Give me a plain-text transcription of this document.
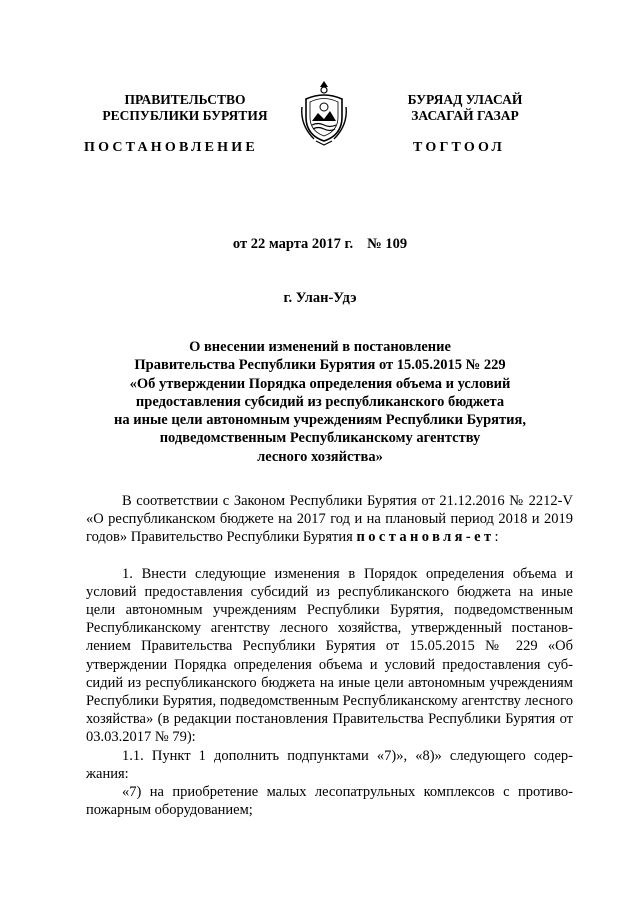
ПРАВИТЕЛЬСТВО
РЕСПУБЛИКИ БУРЯТИЯ
ПОСТАНОВЛЕНИЕ
БУРЯАД УЛАСАЙ
ЗАСАГАЙ ГАЗАР
ТОГТООЛ
от 22 марта 2017 г. № 109
г. Улан-Удэ
О внесении изменений в постановление
Правительства Республики Бурятия от 15.05.2015 № 229
«Об утверждении Порядка определения объема и условий
предоставления субсидий из республиканского бюджета
на иные цели автономным учреждениям Республики Бурятия,
подведомственным Республиканскому агентству
лесного хозяйства»

В соответствии с Законом Республики Бурятия от 21.12.2016 № 2212-V «О республиканском бюджете на 2017 год и на плановый период 2018 и 2019 годов» Правительство Республики Бурятия постановля-ет:

1. Внести следующие изменения в Порядок определения объема и условий предоставления субсидий из республиканского бюджета на иные цели автономным учреждениям Республики Бурятия, подведомственным Республиканскому агентству лесного хозяйства, утвержденный постановлением Правительства Республики Бурятия от 15.05.2015 № 229 «Об утверждении Порядка определения объема и условий предоставления субсидий из республиканского бюджета на иные цели автономным учреждениям Республики Бурятия, подведомственным Республиканскому агентству лесного хозяйства» (в редакции постановления Правительства Республики Бурятия от 03.03.2017 № 79):

1.1. Пункт 1 дополнить подпунктами «7)», «8)» следующего содержания:

«7) на приобретение малых лесопатрульных комплексов с противопожарным оборудованием;
